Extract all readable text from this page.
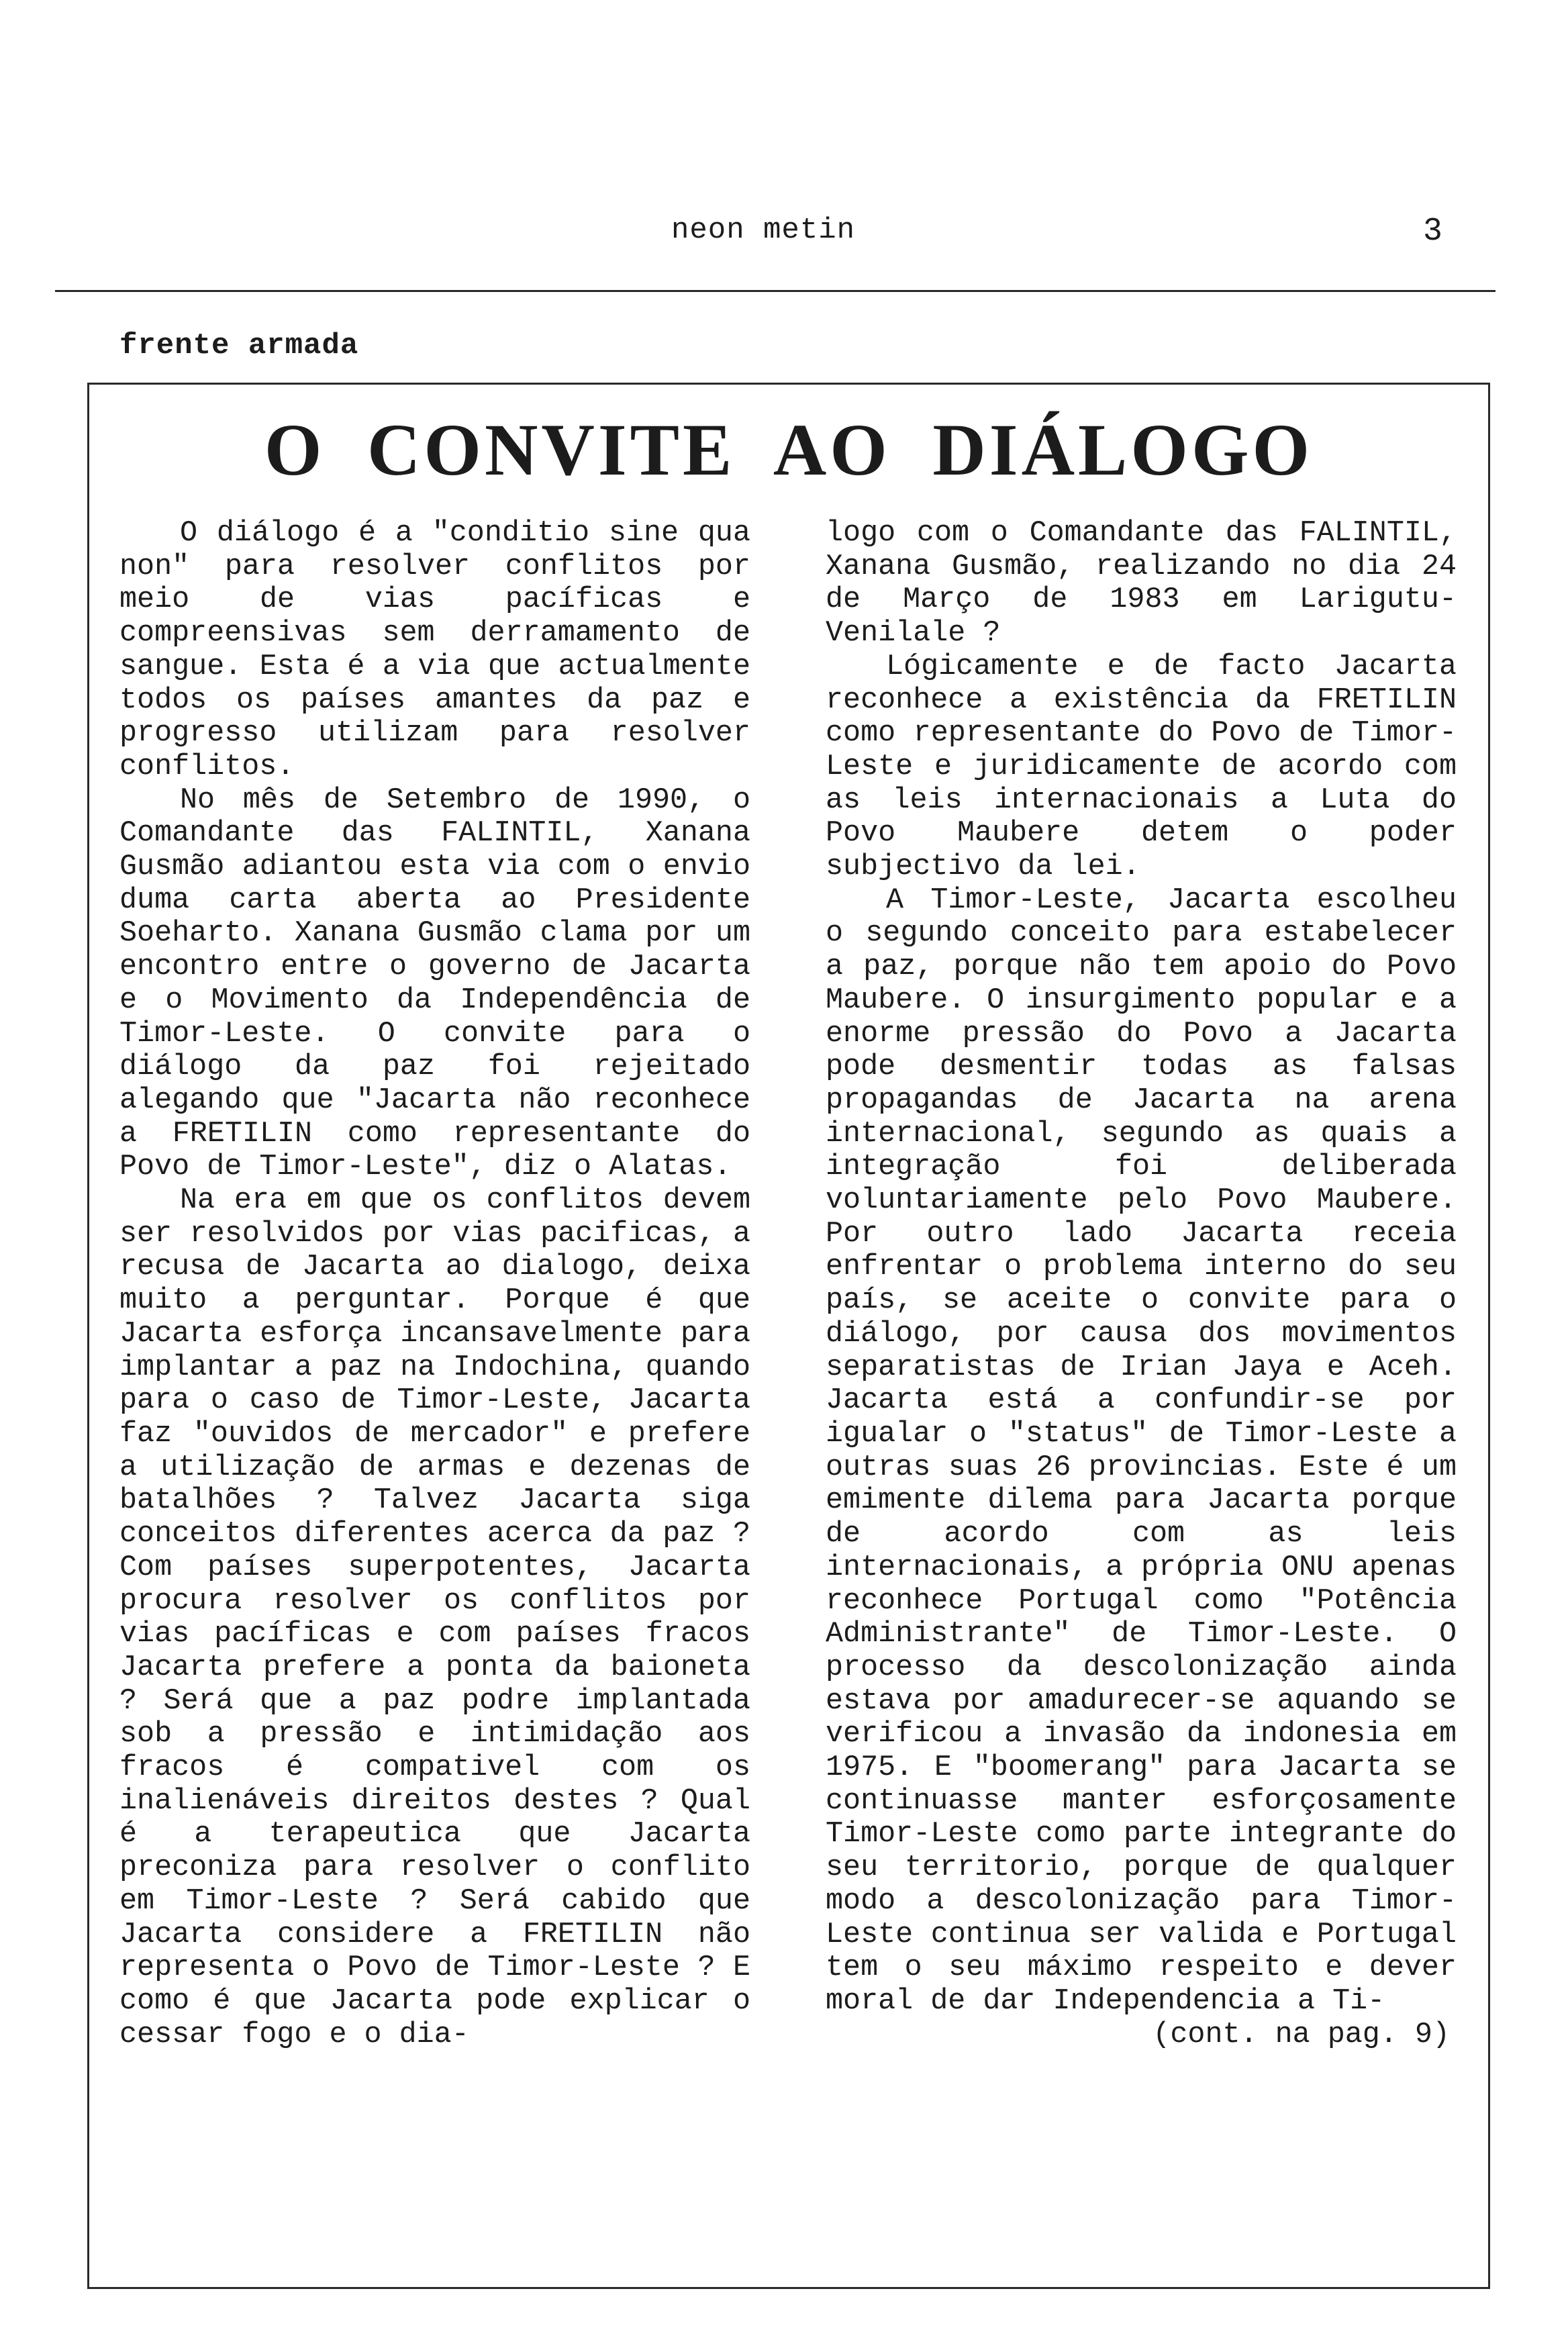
neon metin	3
frente armada
O CONVITE AO DIÁLOGO

O diálogo é a "conditio sine qua non" para resolver conflitos por meio de vias pacíficas e compreensivas sem derramamento de sangue. Esta é a via que actualmente todos os países amantes da paz e progresso utilizam para resolver conflitos.

No mês de Setembro de 1990, o Comandante das FALINTIL, Xanana Gusmão adiantou esta via com o envio duma carta aberta ao Presidente Soeharto. Xanana Gusmão clama por um encontro entre o governo de Jacarta e o Movimento da Independência de Timor-Leste. O convite para o diálogo da paz foi rejeitado alegando que "Jacarta não reconhece a FRETILIN como representante do Povo de Timor-Leste", diz o Alatas.

Na era em que os conflitos devem ser resolvidos por vias pacificas, a recusa de Jacarta ao dialogo, deixa muito a perguntar. Porque é que Jacarta esforça incansavelmente para implantar a paz na Indochina, quando para o caso de Timor-Leste, Jacarta faz "ouvidos de mercador" e prefere a utilização de armas e dezenas de batalhões ? Talvez Jacarta siga conceitos diferentes acerca da paz ? Com países superpotentes, Jacarta procura resolver os conflitos por vias pacíficas e com países fracos Jacarta prefere a ponta da baioneta ? Será que a paz podre implantada sob a pressão e intimidação aos fracos é compativel com os inalienáveis direitos destes ? Qual é a terapeutica que Jacarta preconiza para resolver o conflito em Timor-Leste ? Será cabido que Jacarta considere a FRETILIN não representa o Povo de Timor-Leste ? E como é que Jacarta pode explicar o cessar fogo e o dia-

logo com o Comandante das FALINTIL, Xanana Gusmão, realizando no dia 24 de Março de 1983 em Larigutu-Venilale ?

Lógicamente e de facto Jacarta reconhece a existência da FRETILIN como representante do Povo de Timor-Leste e juridicamente de acordo com as leis internacionais a Luta do Povo Maubere detem o poder subjectivo da lei.

A Timor-Leste, Jacarta escolheu o segundo conceito para estabelecer a paz, porque não tem apoio do Povo Maubere. O insurgimento popular e a enorme pressão do Povo a Jacarta pode desmentir todas as falsas propagandas de Jacarta na arena internacional, segundo as quais a integração foi deliberada voluntariamente pelo Povo Maubere. Por outro lado Jacarta receia enfrentar o problema interno do seu país, se aceite o convite para o diálogo, por causa dos movimentos separatistas de Irian Jaya e Aceh. Jacarta está a confundir-se por igualar o "status" de Timor-Leste a outras suas 26 provincias. Este é um emimente dilema para Jacarta porque de acordo com as leis internacionais, a própria ONU apenas reconhece Portugal como "Potência Administrante" de Timor-Leste. O processo da descolonização ainda estava por amadurecer-se aquando se verificou a invasão da indonesia em 1975. E "boomerang" para Jacarta se continuasse manter esforçosamente Timor-Leste como parte integrante do seu territorio, porque de qualquer modo a descolonização para Timor-Leste continua ser valida e Portugal tem o seu máximo respeito e dever moral de dar Independencia a Ti-

(cont. na pag. 9)
